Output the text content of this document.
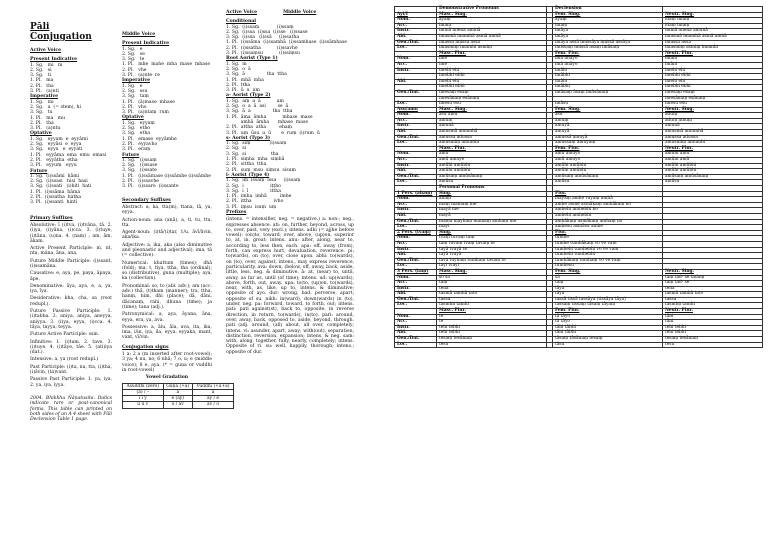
Pāli Conjugation
Active Voice
Present Indicative
1. Sg.   mi   m
2. Sg.   si
3. Sg.   ti
1. Pl.   ma
2. Pl.   tha
3. Pl.   (a)nti
Imperative
1. Sg.   mi
2. Sg.   a  (= stem), hi
3. Sg.   tu
1. Pl.   ma   mu
2. Pl.   tha
3. Pl.   (a)ntu
Optative
1. Sg.   eyyam  e  eyyāmi
2. Sg.   eyyāsi  e  eyya
3. Sg.   eyya   e  eyyati
1. Pl.   eyyāma  ema  emu  emasi
2. Pl.   eyyātha  etha
3. Pl.   eyyum   eyyu
Future
1. Sg.  (i)ssāmi  hāmi
2. Sg.  (i)ssasi   hisi  hasi
3. Sg.  (i)ssati   (i)hiti  hati
1. Pl.  (i)ssāma  hāma
2. Pl.  (i)ssatha  hatha
3. Pl.  (i)ssanti  hinti
Primary Suffixes
Absolutive: ī (i)tva, (i)tvāna, tā. 2. (i)ya, (i)yāna, (i)cca. 3. (i)tuye, (i)tāna, (u)na. 4. (naṃ) ; am, ām, ākam.
Active Present Participle: m, nt, nta, māna, āna, ana.
Future Middle Participle: (i)ssant, (i)ssamāna.
Causative: e, aya, pe, paya, āpaya, āpe.
Denominative: āya, aya, e, a, ya, iya, īya.
Desiderative: kha, cha, sa (root redupl.).
Future Passive Participle: 1. (i)tabba. 2. aniya, aniya, aneyya, aniyya. 3. (i)ya, eyya, (i)cca. 4. tāya, tayya, teyya.
Future Active Participle: ssin.
Infinitive: 1. (i)tum. 2. tave. 3. (i)tuye. 4. (i)tāye, tāe. 5. (ati)iya (dat.).
Intensive: a, ya (root redupl.)
Past Participle: (i)ta, na, tta, (i)tha, (i)āvin, (ta)vant.
Passive Past Participle: 1. ya, iya. 2. ya, iya, iyya.
2004. Bhikkhu Ñāṇatusita. Italics indicate rare or post-canonical forms. This table can printed on both sides of an A 4 sheet with Pāli Declension Table 1 page.
Middle Voice
Present Indicative
1. Sg.   e
2. Sg.   se
3. Sg.   te
1. Pl.   mhe  mahe  mha  mase  mhase
2. Pl.   vhe
3. Pl.   (a)nte  re
Imperative
1. Sg.   e
2. Sg.   ssu
3. Sg.   taṃ
1. Pl.   (ā)mase  mhase
2. Pl.   vho
3. Pl.   (a)ntaṃ  ruṃ
Optative
1. Sg.   eyyaṃ
2. Sg.   etho
3. Sg.   etha
1. Pl.   emase  eyyāmhe
2. Pl.   eyyavho
3. Pl.   eraṃ
Future
1. Sg.   (i)ssaṃ
2. Sg.   (i)ssase
3. Sg.   (i)ssate
1. Pl.   (i)ssāmase (i)ssāmhe (i)ssāmhe
2. Pl.   (i)ssavhe
3. Pl.   (i)ssare  (i)ssante
Secondary Suffixes
Abstract: a, ka, tta(m), ttana, tā, ya, eyya.
Action-noun: ana (anā), a, ti, tu, ttu, tta.
Agent-noun: (i)tā/(i)tar, 1/u, āvī/āvin, aka/ika.
Adjective: a, ika, aka (also diminutive and pleonastic and adjectival), ima, tā (= collective).
Numerical: khattum (times); dhā (fold); ma, t, tiya, ttha, tha (ordinal); so (distributive), guna (multiple); aya, ka (collection).
Pronominal: so, to (abl. adv.); am (acc. adv.) thā, (t)tham (manner); tra, ttha, hanṃ, him, dhi (place); dā, dāni, dācanaṃ, rahi, dhuna (time); ja (time); tana (adj.).
Patronymical: a, aya, āyana, āna, eyya, era, ya, ava.
Possessive: a, ālu, āla, ava, ita, ika, ima, i/in, iya, ila, eyya, eyyaka, mant, vant, vī/vin.
Conjugation signs
1 a; 2 a (m inserted after root-vowel); 3 ya; 4 nu, no; 6 nhā; 7 o, u; e (middle voice); 8 e, aya. (* = guṇa or vuddhi in root-vowel)
Vowel Gradation
Asuddhi (zero)	Guṇa (+a)	Vuddhi (+a+a)
(a) / –	a	ā
i ī y	e (ay)	āy / ē
u ū v	o / av	āv / ō
Active Voice	Middle Voice
Conditional
1. Sg.  (i)ssaṃ            (i)ssaṃ
2. Sg.  (i)ssa  (i)ssa  (i)sse   (i)ssase
3. Sg.  (i)ssa   (i)ssā     (i)ssatha
1. Pl.  (i)ssāma  (i)ssamhā  (i)ssamhase  (i)ssāmhase
2. Pl.  (i)ssatha           (i)ssavhe
3. Pl.  (i)ssaṃsu           (i)ssiṃsu
Root Aorist (Type 1)
1. Sg.  m
2. Sg.  o  ā
3. Sg.  ā               tha  ttha
1. Pl.  mhā  mha
2. Pl.  ttha
3. Pl.  ū  u  uṃ
a- Aorist (Type 2)
1. Sg.  aṃ  a  ā           aṃ
2. Sg.  o  a  ā  asi        se  ā
3. Sg.  ā  a               tha  ttha
1. Pl.  āma  āmha           mhase  mase
amhā  āmha      mhase  mase
2. Pl.  attha  atha         ehaṃ
3. Pl.  uṃ  ūsu  u  ū       e  ruṃ  (i)rum  ū
s- Aorist (Type 3)
1. Sg.  siṃ             (i)ssaṃ
2. Sg.  si
3. Sg.  si                 tha
1. Pl.  siṃha  mha  siṃhā
2. Pl.  sittha  ttha
3. Pl.  suṃ  msu  siṃsu  sisuṃ
i- Aorist (Type 4)
1. Sg.  iṃ  issaṃ  issa     (i)ssaṃ
2. Sg.  i                  iṭṭho
3. Sg.  i  ī               ittha
1. Pl.  imha  imhā         imhe
2. Pl.  ittha               ivho
3. Pl.  iṃsu  isuṃ  uṃ
Prefixes
(intens. = intensifier, neg. = negative.) a: non-; neg., expresses absence. ati: on, further, beyond, across, up to, over, past, very (excl.); intens. adhi (= ajjhe before vowel): (on)to, toward, over, above, (up)on, superior to, at, in, great; intens. anu: after, along, near to, according to, less then, each. apa: off, away (from), forth, can express hurt, devaluation, reverence. pi: to(wards), on (to), over, close upon. abhi: to(wards), on (to), over, against, intens., may express reverence, particularity. ava: down, (below, off, away, back, aside, little, less, neg. & diminutive. ā: at, (near) to, until, away, as far as, until (of time); intens. ud: up(wards), above, forth, out, away. upa: to(to, (up)on, to(wards), near, with, as, like, up to, intens. & diminutive; opposite of ayo. dur: wrong, bad, perverse, apart; opposite of su. nikh: in(ward), down(wards) in (to), under, neg. pa: forward, toward, to forth, out; intens. pati: pati against(st), back to, opposite, in reverse direction, in return, to(wards), in(to). pari: around, over, away, back, opposed to, aside, beyond, through. pati (adj. around, (all) about, all over, completely; intens. vi: asunder, apart, away; with(out), separation, distinction, reversion, expansion; intens. & neg. sam: with, along, together, fully, nearly, completely; intens. Opposite of ri. su: well, happily, thorough; intens.; opposite of dur.
	Demonstrative Pronouns		Declension	
Ayi/I	Masc. Sing.		Fem. Sing.	Neutr. Sing.
Nom.	ayaṃ		ayaṃ	idaṃ imaṃ
Acc.	imaṃ		imaṃ	idaṃ imaṃ
Instr.	iminā anena aminā		imāya	iminā anena amunā
Abl.	imasmā imamhā asmā amhā		imāya	imasmā imamhā asmā amhā
Gen./Dat.	imassa imissa assa		imāya assā imissāya imissā assāya	imassa assa
Loc.	imasmiṃ imamhi asmiṃ		imissaṃ imissā asaṃ imāsaṃ	imasmiṃ asmiṃ imamhi
	Masc. Plur.		Fem. Plur.	Neutr. Plur.
Nom.	ime		imā imāyo	imāni
Acc.	ime		imā imāyo	imāni
Instr.	imehi ehi		imāhi	imehi ehi
	imebhi ebhi		imābhi	imebhi ebhi
Abl.	imehi ehi		imāhi	imehi ehi
	imebhi ebhi		imābhi	imebhi ebhi
Gen./Dat.	imesaṃ esaṃ		imāsaṃ āsaṃ imāsānaṃ	imesaṃ esaṃ
	imesānaṃ esānaṃ			imesānaṃ esānaṃ
Loc.	imesu esu		imāsu	imesu esu
Asu/amu	Masc. Sing.		Fem. Sing.	Neutr. Sing.
Nom.	asu amu		asu	aduṃ
Acc.	amuṃ		amuṃ	aduṃ amuṃ
Instr.	amunā		amuyā	amunā
Abl.	amusmā amumhā		amuyā	amusmā amumhā
Gen./Dat.	amussa adussa		amussā amuyā	amussa adussa
Loc.	amusmiṃ amumhi		amussaṃ amuyaṃ	amusmiṃ amumhi
	Masc. Plur.		Fem. Plur.	Neutr. Plur.
Nom.	amū		amū amuyo	amūni amū
Acc.	amū amuye		amū amuyo	amūni amū
Instr.	amūhi amūbhi		amūhi amūbhi	amūhi amūbhi
Abl.	amūhi amūbhi		amūhi amūbhi	amūhi amūbhi
Gen./Dat.	amūsaṃ amūsānaṃ		amūsaṃ amūsānaṃ	amūsaṃ amūsānaṃ
Loc.	amūsu		amūsu	amūsu
	Personal Pronouns			
1 Pers. (ahaṃ)	Sing.		Plur.	
Nom.	ahaṃ		mayaṃ amhe vayaṃ amhā	
Acc.	maṃ mamaṃ me		amhe asme asmākaṃ amhākaṃ no	
Instr.	mayā me		amhehi amhebhi no	
Abl.	mayā		amhehi amhebhi	
Gen./Dat.	mama mayhaṃ mamaṃ amhaṃ me		amhākaṃ asmākaṃ amhaṃ no	
Loc.	mayi		amhesu asmāsu amhe	
2 Pers. (tvaṃ)	Sing.		Plur.	
Nom.	tvaṃ tuvaṃ taṃ		tumhe	
Acc.	taṃ tuvaṃ tvaṃ tavaṃ te		tumhe tumhākaṃ vo ve vam	
Instr.	tayā tvayā te		tumhehi tumhebhi vo ve vam	
Abl.	tayā tvayā		tumhehi tumhebhi	
Gen./Dat.	tava tuyhaṃ tumhaṃ tavaṃ te		tumhākaṃ tumhaṃ vo ve vaṃ	
Loc.	tayi tvayi		tumhesu	
3 Pers. (taṃ)	Masc. Sing.		Fem. Sing.	Neutr. Sing.
Nom.	so sa		sā	taṃ tad- se tadaṃ
Acc.	taṃ		taṃ	taṃ tad- se
Instr.	tena		tāya	tena
Abl.	tasmā tamhā tato		tāya	tasmā tamhā tato
Gen./Dat.	tassa		tassā tissā tassāya (tissāya tāya)	tassa
Loc.	tasmiṃ tamhi		tassaṃ tissaṃ tāsaṃ tāyaṃ	tasmiṃ tamhi
	Masc. Plur.		Fem. Plur.	Neutr. Plur.
Nom.	te		tā tāyo	tāni
Acc.	te		tā tāyo	tāni
Instr.	tehi tebhi		tāhi tābhi	tehi tebhi
Abl.	tehi tebhi		tāhi tābhi	tehi tebhi
Gen./Dat.	tesaṃ tesānaṃ		tāsaṃ tāsānaṃ tesaṃ	tesaṃ tesānaṃ
Loc.	tesu		tāsu	tesu
